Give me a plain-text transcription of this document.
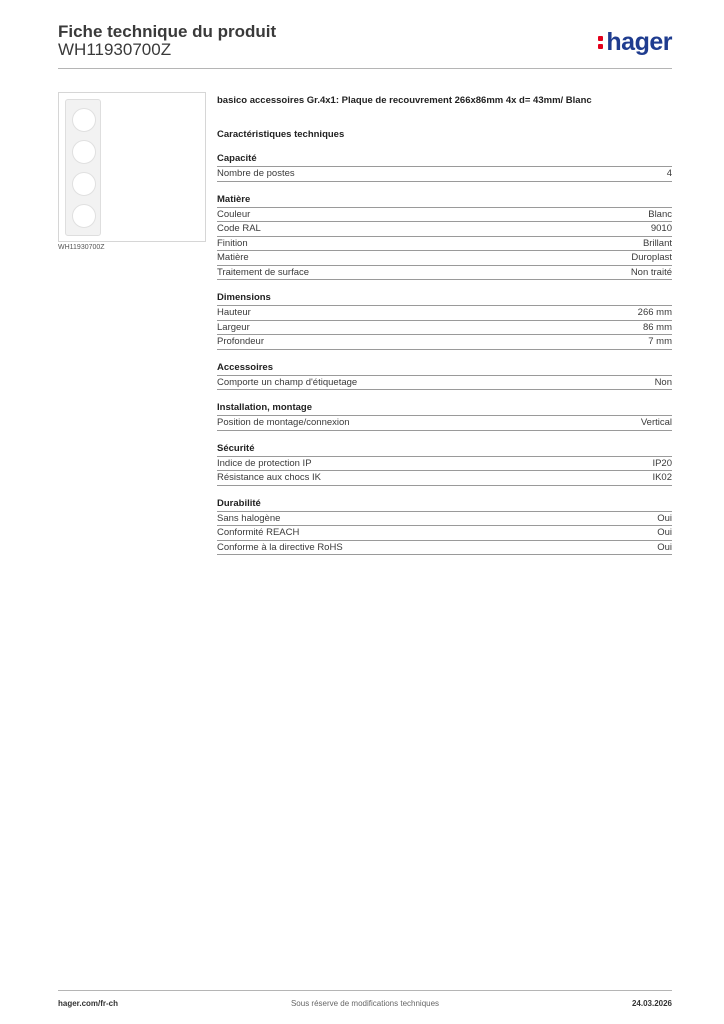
Fiche technique du produit
WH11930700Z	hager
WH11930700Z
basico accessoires Gr.4x1: Plaque de recouvrement 266x86mm 4x d= 43mm/ Blanc
Caractéristiques techniques
Capacité
Nombre de postes	4
Matière
Couleur	Blanc
Code RAL	9010
Finition	Brillant
Matière	Duroplast
Traitement de surface	Non traité
Dimensions
Hauteur	266 mm
Largeur	86 mm
Profondeur	7 mm
Accessoires
Comporte un champ d'étiquetage	Non
Installation, montage
Position de montage/connexion	Vertical
Sécurité
Indice de protection IP	IP20
Résistance aux chocs IK	IK02
Durabilité
Sans halogène	Oui
Conformité REACH	Oui
Conforme à la directive RoHS	Oui
hager.com/fr-ch	Sous réserve de modifications techniques	24.03.2026
